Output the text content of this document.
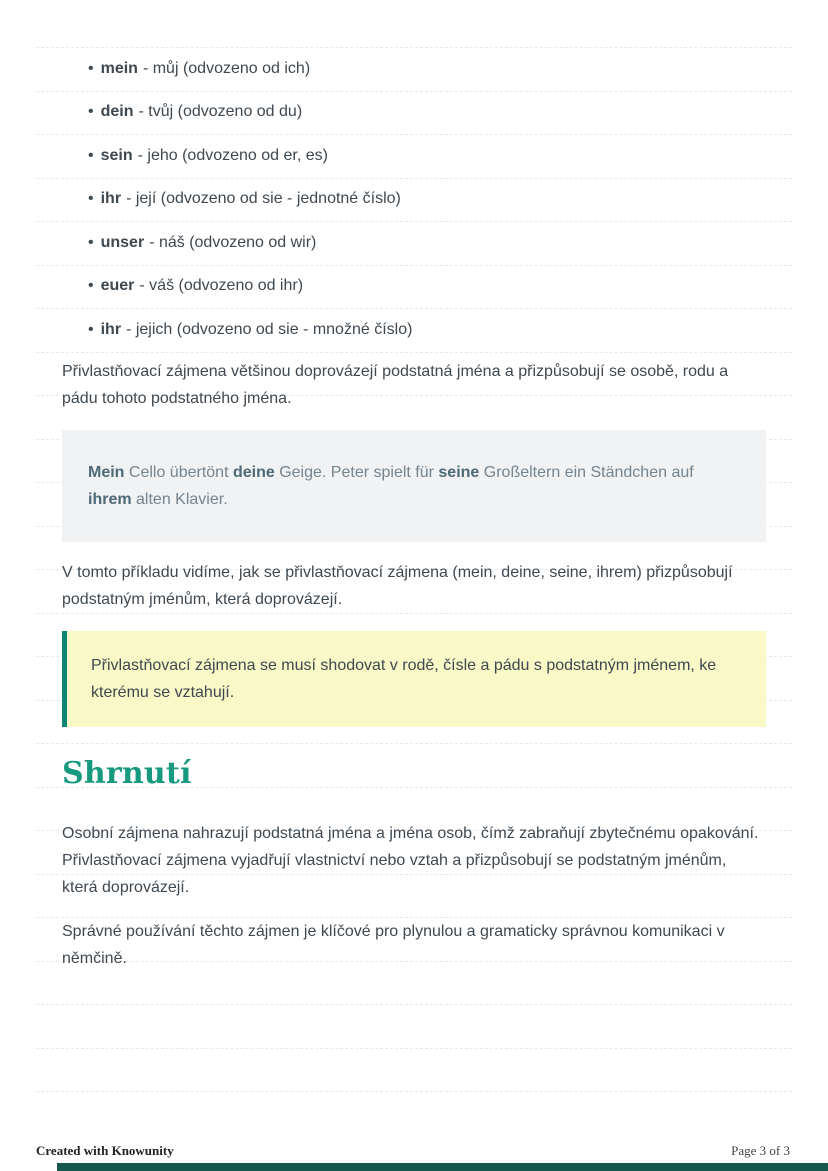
• mein - můj (odvozeno od ich)
• dein - tvůj (odvozeno od du)
• sein - jeho (odvozeno od er, es)
• ihr - její (odvozeno od sie - jednotné číslo)
• unser - náš (odvozeno od wir)
• euer - váš (odvozeno od ihr)
• ihr - jejich (odvozeno od sie - množné číslo)

Přivlastňovací zájmena většinou doprovázejí podstatná jména a přizpůsobují se osobě, rodu a pádu tohoto podstatného jména.

Mein Cello übertönt deine Geige. Peter spielt für seine Großeltern ein Ständchen auf ihrem alten Klavier.

V tomto příkladu vidíme, jak se přivlastňovací zájmena (mein, deine, seine, ihrem) přizpůsobují podstatným jménům, která doprovázejí.

Přivlastňovací zájmena se musí shodovat v rodě, čísle a pádu s podstatným jménem, ke kterému se vztahují.
Shrnutí

Osobní zájmena nahrazují podstatná jména a jména osob, čímž zabraňují zbytečnému opakování. Přivlastňovací zájmena vyjadřují vlastnictví nebo vztah a přizpůsobují se podstatným jménům, která doprovázejí.

Správné používání těchto zájmen je klíčové pro plynulou a gramaticky správnou komunikaci v němčině.

Created with Knowunity	Page 3 of 3
